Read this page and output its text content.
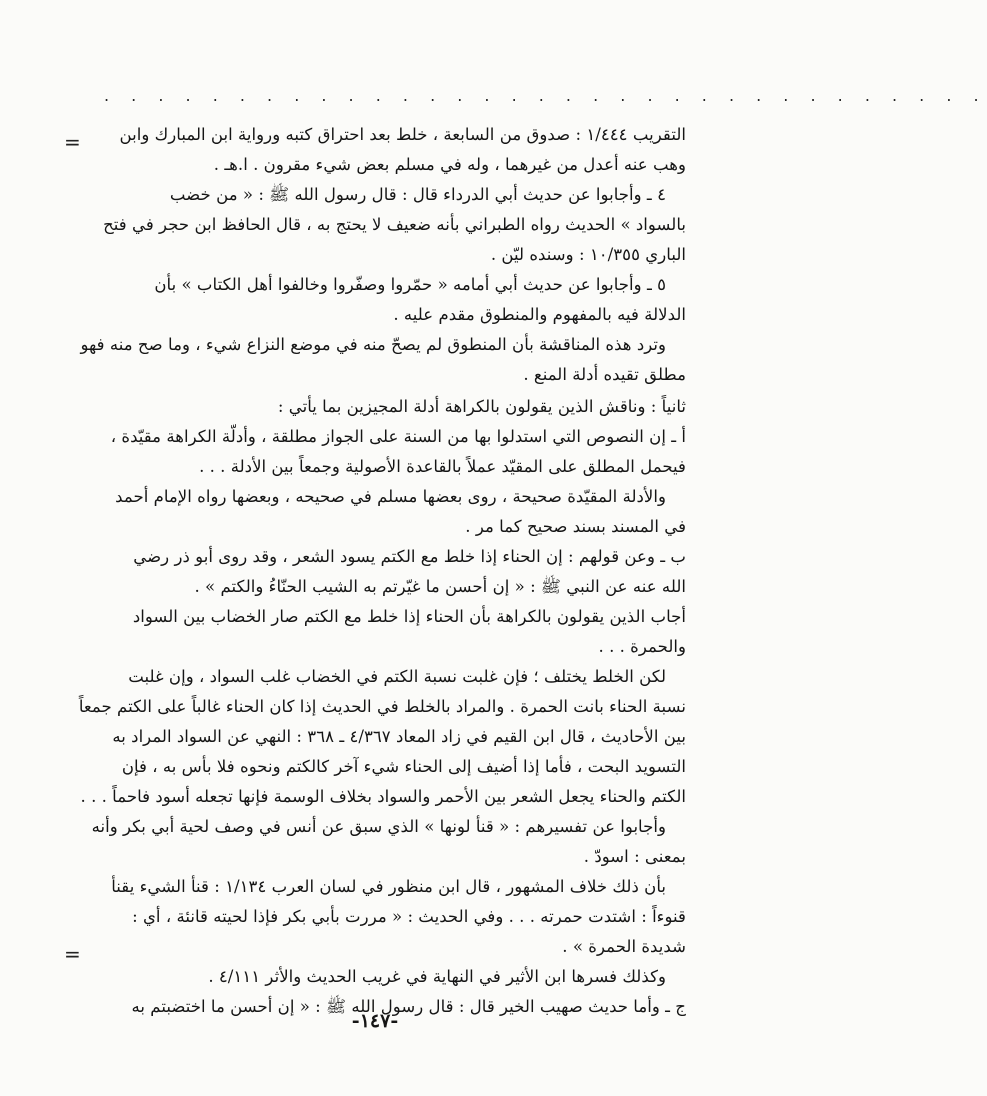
. . . . . . . . . . . . . . . . . . . . . . . . . . . . . . . . .
=
=
التقريب ١/٤٤٤ : صدوق من السابعة ، خلط بعد احتراق كتبه ورواية ابن المبارك وابن
وهب عنه أعدل من غيرهما ، وله في مسلم بعض شيء مقرون . ا.هـ .
٤ ـ وأجابوا عن حديث أبي الدرداء قال : قال رسول الله ﷺ : « من خضب
بالسواد » الحديث رواه الطبراني بأنه ضعيف لا يحتج به ، قال الحافظ ابن حجر في فتح
الباري ١٠/٣٥٥ : وسنده ليّن .
٥ ـ وأجابوا عن حديث أبي أمامه « حمّروا وصفّروا وخالفوا أهل الكتاب » بأن
الدلالة فيه بالمفهوم والمنطوق مقدم عليه .
وترد هذه المناقشة بأن المنطوق لم يصحّ منه في موضع النزاع شيء ، وما صح منه فهو
مطلق تقيده أدلة المنع .
ثانياً : وناقش الذين يقولون بالكراهة أدلة المجيزين بما يأتي :
أ ـ إن النصوص التي استدلوا بها من السنة على الجواز مطلقة ، وأدلّة الكراهة مقيّدة ،
فيحمل المطلق على المقيّد عملاً بالقاعدة الأصولية وجمعاً بين الأدلة . . .
والأدلة المقيّدة صحيحة ، روى بعضها مسلم في صحيحه ، وبعضها رواه الإمام أحمد
في المسند بسند صحيح كما مر .
ب ـ وعن قولهم : إن الحناء إذا خلط مع الكتم يسود الشعر ، وقد روى أبو ذر رضي
الله عنه عن النبي ﷺ : « إن أحسن ما غيّرتم به الشيب الحنّاءُ والكتم » .
أجاب الذين يقولون بالكراهة بأن الحناء إذا خلط مع الكتم صار الخضاب بين السواد
والحمرة . . .
لكن الخلط يختلف ؛ فإن غلبت نسبة الكتم في الخضاب غلب السواد ، وإن غلبت
نسبة الحناء بانت الحمرة . والمراد بالخلط في الحديث إذا كان الحناء غالباً على الكتم جمعاً
بين الأحاديث ، قال ابن القيم في زاد المعاد ٤/٣٦٧ ـ ٣٦٨ : النهي عن السواد المراد به
التسويد البحت ، فأما إذا أضيف إلى الحناء شيء آخر كالكتم ونحوه فلا بأس به ، فإن
الكتم والحناء يجعل الشعر بين الأحمر والسواد بخلاف الوسمة فإنها تجعله أسود فاحماً . . .
وأجابوا عن تفسيرهم : « قنأ لونها » الذي سبق عن أنس في وصف لحية أبي بكر وأنه
بمعنى : اسودّ .
بأن ذلك خلاف المشهور ، قال ابن منظور في لسان العرب ١/١٣٤ : قنأ الشيء يقنأ
قنوءاً : اشتدت حمرته . . . وفي الحديث : « مررت بأبي بكر فإذا لحيته قانئة ، أي :
شديدة الحمرة » .
وكذلك فسرها ابن الأثير في النهاية في غريب الحديث والأثر ٤/١١١ .
ج ـ وأما حديث صهيب الخير قال : قال رسول الله ﷺ : « إن أحسن ما اختضبتم به
-١٤٧-
